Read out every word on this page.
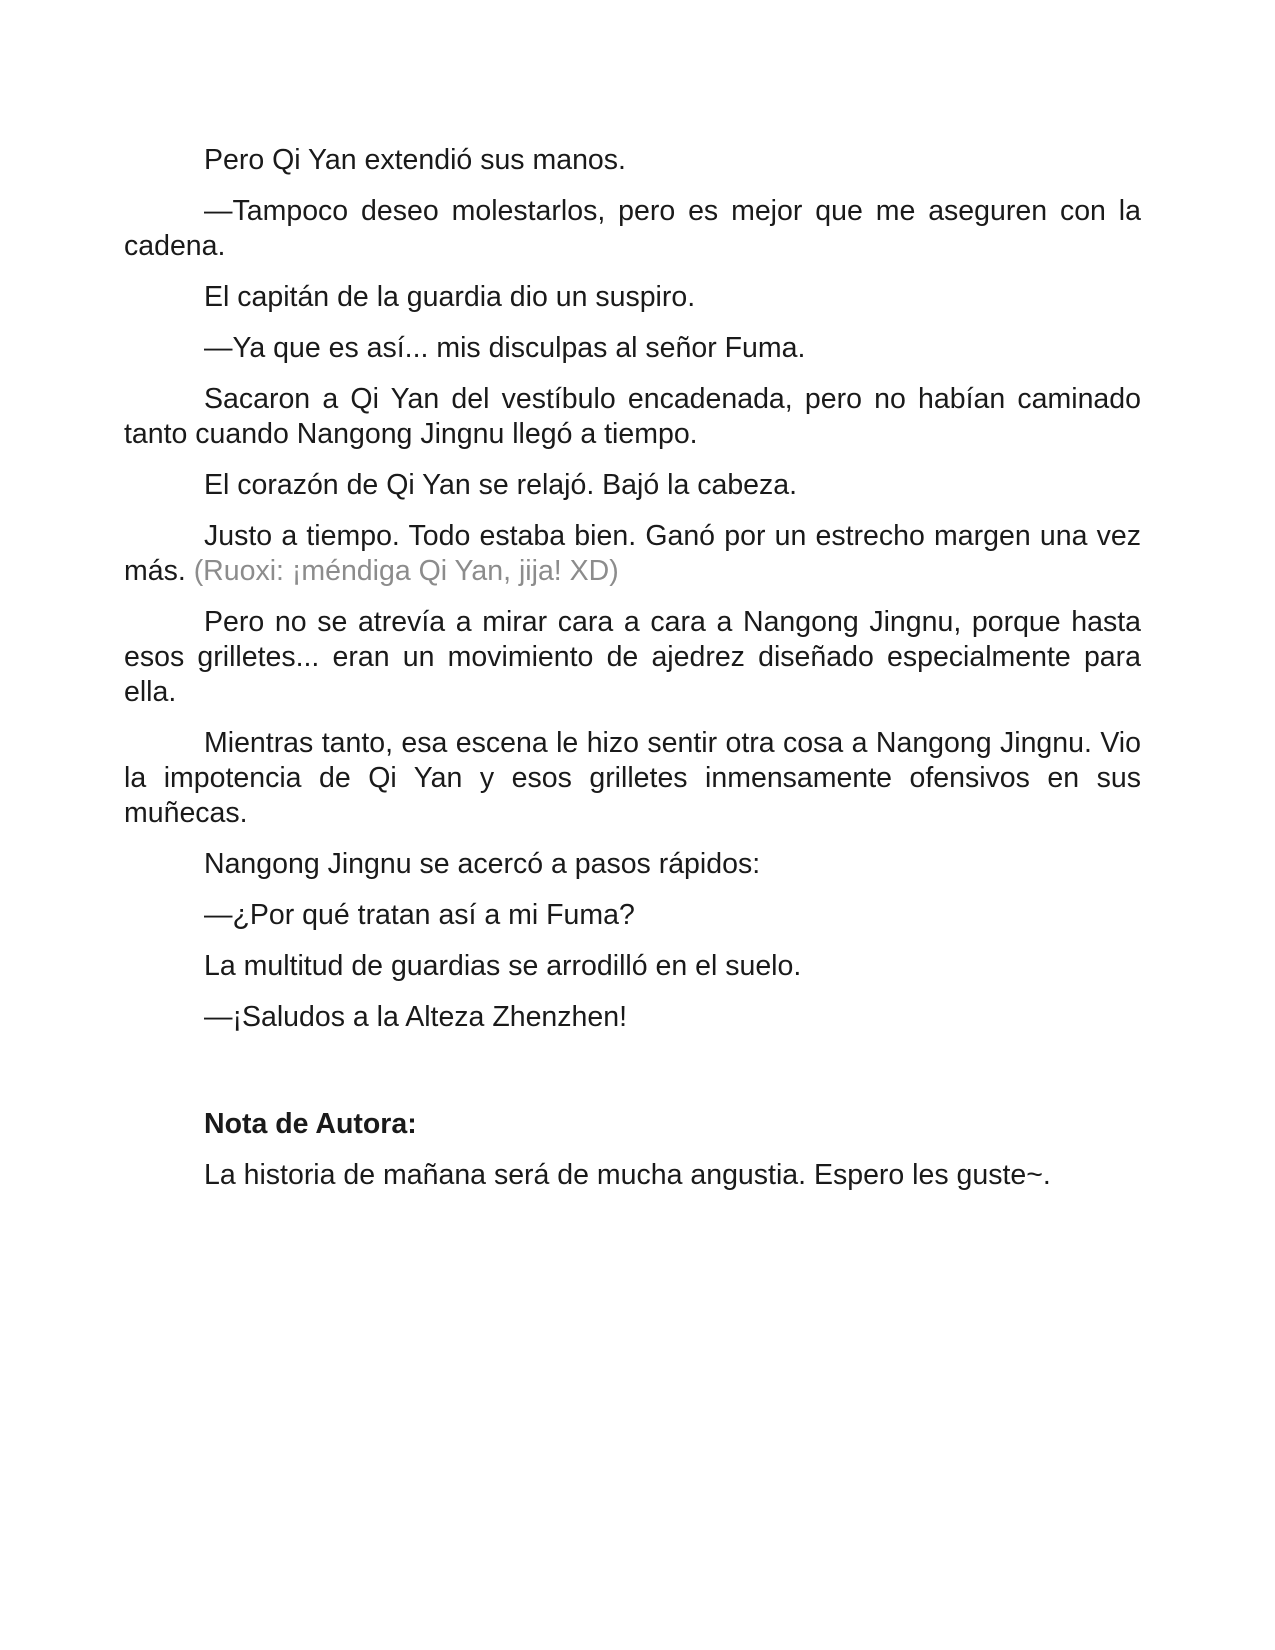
Pero Qi Yan extendió sus manos.

—Tampoco deseo molestarlos, pero es mejor que me aseguren con la cadena.

El capitán de la guardia dio un suspiro.

—Ya que es así... mis disculpas al señor Fuma.

Sacaron a Qi Yan del vestíbulo encadenada, pero no habían caminado tanto cuando Nangong Jingnu llegó a tiempo.

El corazón de Qi Yan se relajó. Bajó la cabeza.

Justo a tiempo. Todo estaba bien. Ganó por un estrecho margen una vez más. (Ruoxi: ¡méndiga Qi Yan, jija! XD)

Pero no se atrevía a mirar cara a cara a Nangong Jingnu, porque hasta esos grilletes... eran un movimiento de ajedrez diseñado especialmente para ella.

Mientras tanto, esa escena le hizo sentir otra cosa a Nangong Jingnu. Vio la impotencia de Qi Yan y esos grilletes inmensamente ofensivos en sus muñecas.

Nangong Jingnu se acercó a pasos rápidos:

—¿Por qué tratan así a mi Fuma?

La multitud de guardias se arrodilló en el suelo.

—¡Saludos a la Alteza Zhenzhen!

Nota de Autora:

La historia de mañana será de mucha angustia. Espero les guste~.
